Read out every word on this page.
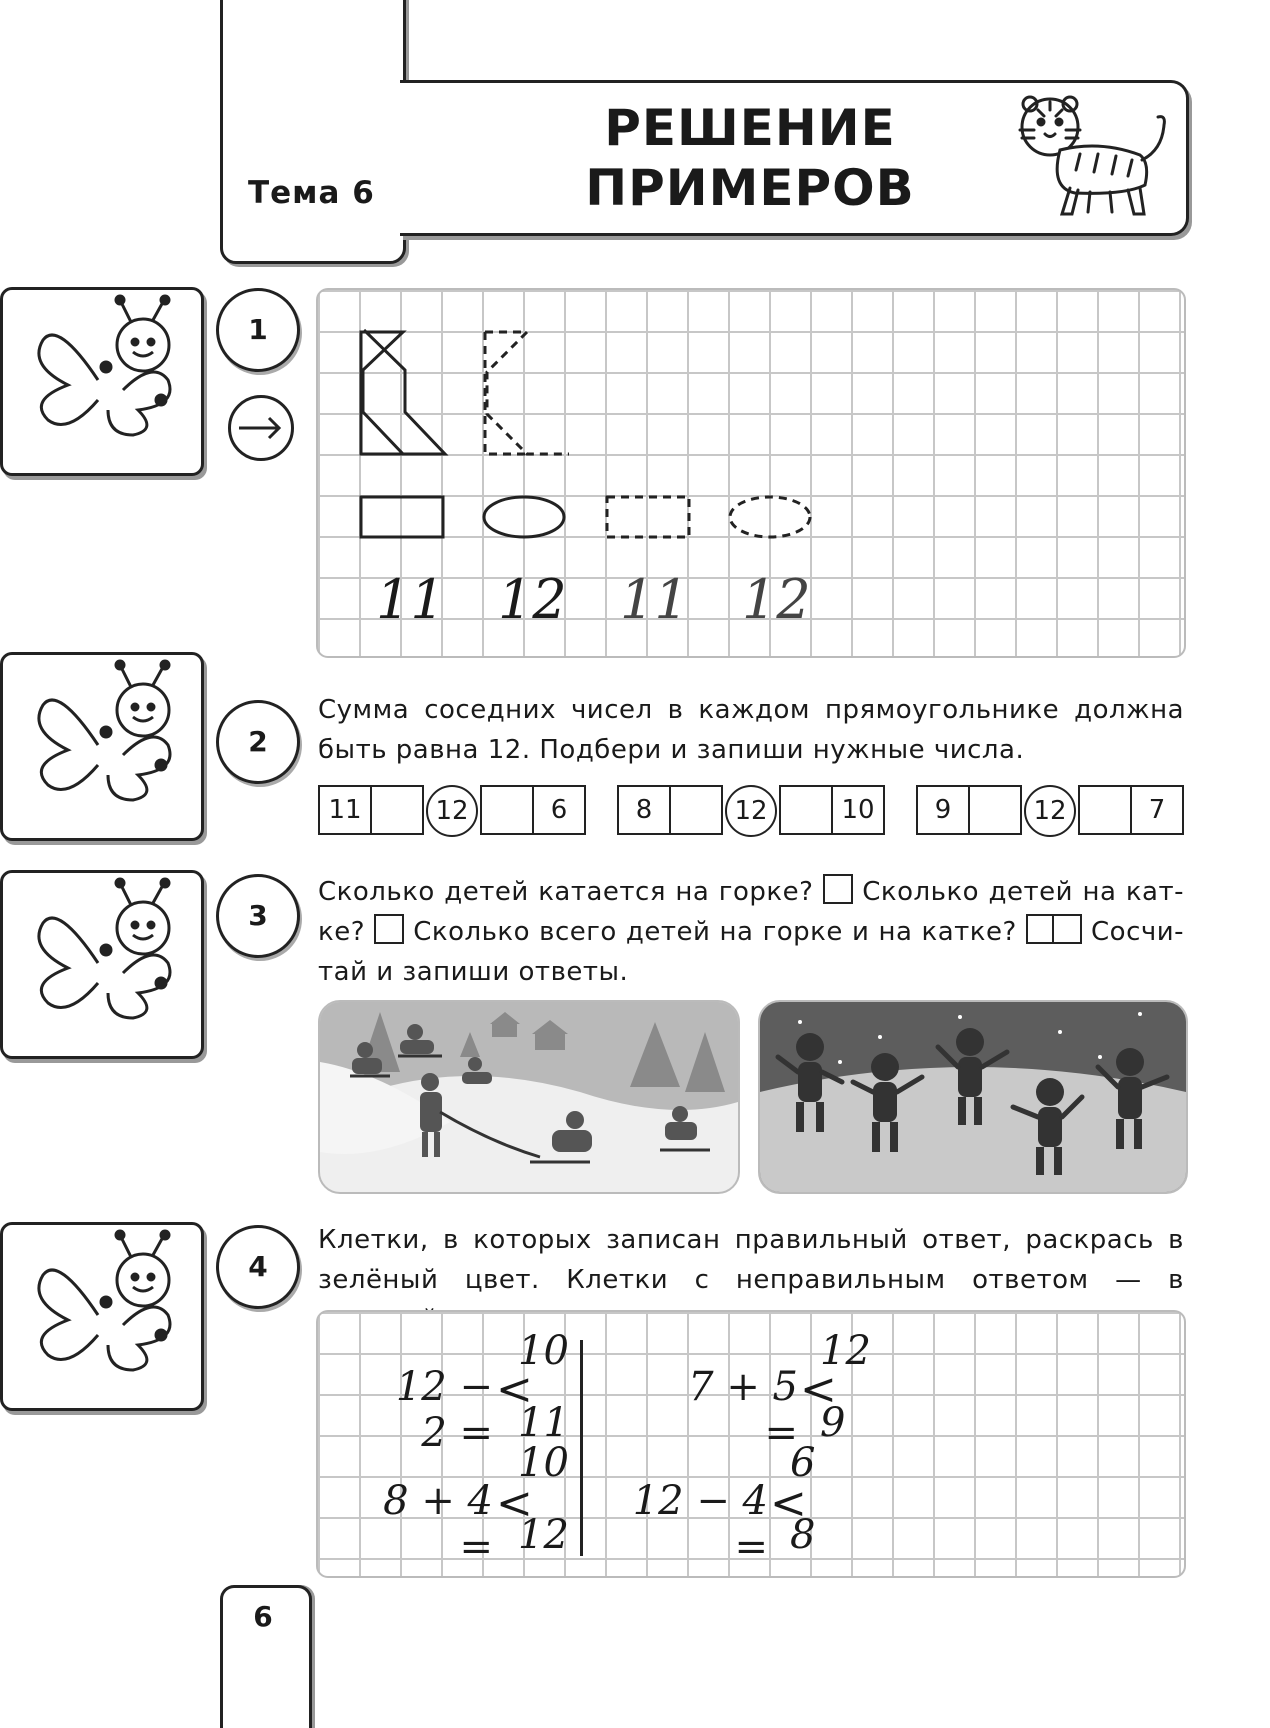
Тема 6
РЕШЕНИЕ
ПРИМЕРОВ
1
11 12 11 12
2
Сумма соседних чисел в каждом прямоугольнике должна
быть равна 12. Подбери и запиши нужные числа.
11	12	6	8	12	10	9	12	7
3
Сколько детей катается на горке? Сколько детей на кат-
ке? Сколько всего детей на горке и на катке?	Сосчи-
тай и запиши ответы.
4
Клетки, в которых записан правильный ответ, раскрась в
зелёный цвет. Клетки с неправильным ответом — в
12 − 2 =
<
10
11
7 + 5 =
<
12
9
8 + 4 =
<
10
12
12 − 4 =
<
6
8
6
